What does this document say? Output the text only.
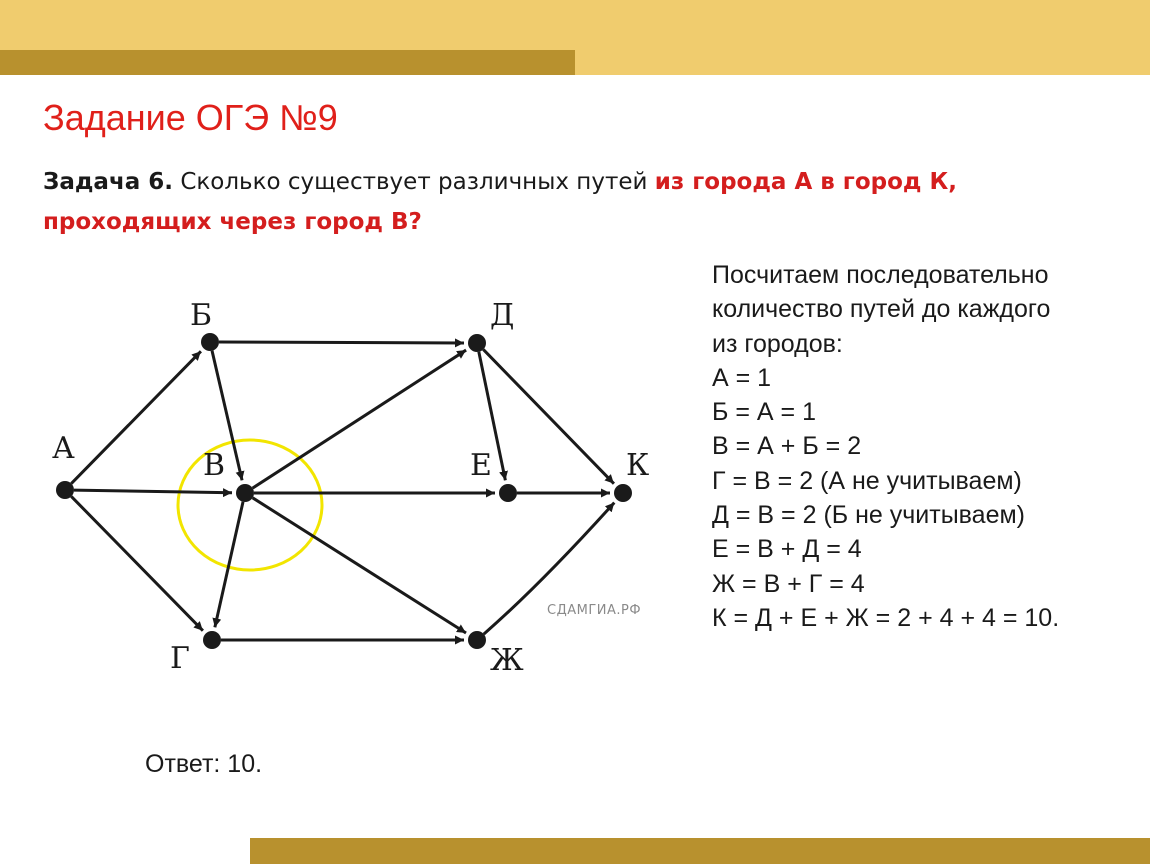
Задание ОГЭ №9

Задача 6. Сколько существует различных путей из города А в город К, проходящих через город В?

А
Б
В
Г
Д
Е
Ж
К
СДАМГИА.РФ
Посчитаем последовательно
количество путей до каждого
из городов:
А = 1
Б = А = 1
В = А + Б = 2
Г = В = 2 (А не учитываем)
Д = В = 2 (Б не учитываем)
Е = В + Д = 4
Ж = В + Г = 4
К = Д + Е + Ж = 2 + 4 + 4 = 10.
Ответ: 10.
